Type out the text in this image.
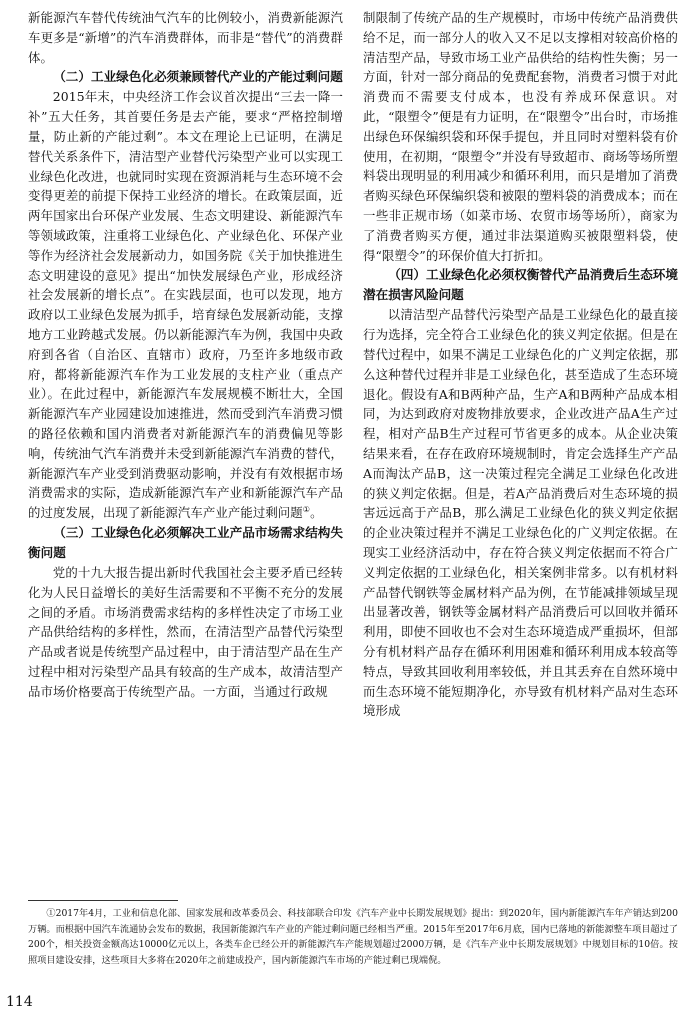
新能源汽车替代传统油气汽车的比例较小，消费新能源汽车更多是“新增”的汽车消费群体，而非是“替代”的消费群体。

（二）工业绿色化必须兼顾替代产业的产能过剩问题

2015年末，中央经济工作会议首次提出“三去一降一补”五大任务，其首要任务是去产能，要求“严格控制增量，防止新的产能过剩”。本文在理论上已证明，在满足替代关系条件下，清洁型产业替代污染型产业可以实现工业绿色化改进，也就同时实现在资源消耗与生态环境不会变得更差的前提下保持工业经济的增长。在政策层面，近两年国家出台环保产业发展、生态文明建设、新能源汽车等领域政策，注重将工业绿色化、产业绿色化、环保产业等作为经济社会发展新动力，如国务院《关于加快推进生态文明建设的意见》提出“加快发展绿色产业，形成经济社会发展新的增长点”。在实践层面，也可以发现，地方政府以工业绿色发展为抓手，培育绿色发展新动能，支撑地方工业跨越式发展。仍以新能源汽车为例，我国中央政府到各省（自治区、直辖市）政府，乃至许多地级市政府，都将新能源汽车作为工业发展的支柱产业（重点产业）。在此过程中，新能源汽车发展规模不断壮大，全国新能源汽车产业园建设加速推进，然而受到汽车消费习惯的路径依赖和国内消费者对新能源汽车的消费偏见等影响，传统油气汽车消费并未受到新能源汽车消费的替代，新能源汽车产业受到消费驱动影响，并没有有效根据市场消费需求的实际，造成新能源汽车产业和新能源汽车产品的过度发展，出现了新能源汽车产业产能过剩问题①。

（三）工业绿色化必须解决工业产品市场需求结构失衡问题

党的十九大报告提出新时代我国社会主要矛盾已经转化为人民日益增长的美好生活需要和不平衡不充分的发展之间的矛盾。市场消费需求结构的多样性决定了市场工业产品供给结构的多样性，然而，在清洁型产品替代污染型产品或者说是传统型产品过程中，由于清洁型产品在生产过程中相对污染型产品具有较高的生产成本，故清洁型产品市场价格要高于传统型产品。一方面，当通过行政规

制限制了传统产品的生产规模时，市场中传统产品消费供给不足，而一部分人的收入又不足以支撑相对较高价格的清洁型产品，导致市场工业产品供给的结构性失衡；另一方面，针对一部分商品的免费配套物，消费者习惯于对此消费而不需要支付成本，也没有养成环保意识。对此，“限塑令”便是有力证明，在“限塑令”出台时，市场推出绿色环保编织袋和环保手提包，并且同时对塑料袋有价使用，在初期，“限塑令”并没有导致超市、商场等场所塑料袋出现明显的利用减少和循环利用，而只是增加了消费者购买绿色环保编织袋和被限的塑料袋的消费成本；而在一些非正规市场（如菜市场、农贸市场等场所），商家为了消费者购买方便，通过非法渠道购买被限塑料袋，使得“限塑令”的环保价值大打折扣。

（四）工业绿色化必须权衡替代产品消费后生态环境潜在损害风险问题

以清洁型产品替代污染型产品是工业绿色化的最直接行为选择，完全符合工业绿色化的狭义判定依据。但是在替代过程中，如果不满足工业绿色化的广义判定依据，那么这种替代过程并非是工业绿色化，甚至造成了生态环境退化。假设有A和B两种产品，生产A和B两种产品成本相同，为达到政府对废物排放要求，企业改进产品A生产过程，相对产品B生产过程可节省更多的成本。从企业决策结果来看，在存在政府环境规制时，肯定会选择生产产品A而淘汰产品B，这一决策过程完全满足工业绿色化改进的狭义判定依据。但是，若A产品消费后对生态环境的损害远远高于产品B，那么满足工业绿色化的狭义判定依据的企业决策过程并不满足工业绿色化的广义判定依据。在现实工业经济活动中，存在符合狭义判定依据而不符合广义判定依据的工业绿色化，相关案例非常多。以有机材料产品替代钢铁等金属材料产品为例，在节能减排领域呈现出显著改善，钢铁等金属材料产品消费后可以回收并循环利用，即使不回收也不会对生态环境造成严重损坏，但部分有机材料产品存在循环利用困难和循环利用成本较高等特点，导致其回收利用率较低，并且其丢弃在自然环境中而生态环境不能短期净化，亦导致有机材料产品对生态环境形成

①2017年4月，工业和信息化部、国家发展和改革委员会、科技部联合印发《汽车产业中长期发展规划》提出：到2020年，国内新能源汽车年产销达到200万辆。而根据中国汽车流通协会发布的数据，我国新能源汽车产业的产能过剩问题已经相当严重。2015年至2017年6月底，国内已落地的新能源整车项目超过了200个，相关投资金额高达10000亿元以上，各类车企已经公开的新能源汽车产能规划超过2000万辆，是《汽车产业中长期发展规划》中规划目标的10倍。按照项目建设安排，这些项目大多将在2020年之前建成投产，国内新能源汽车市场的产能过剩已现端倪。

114
